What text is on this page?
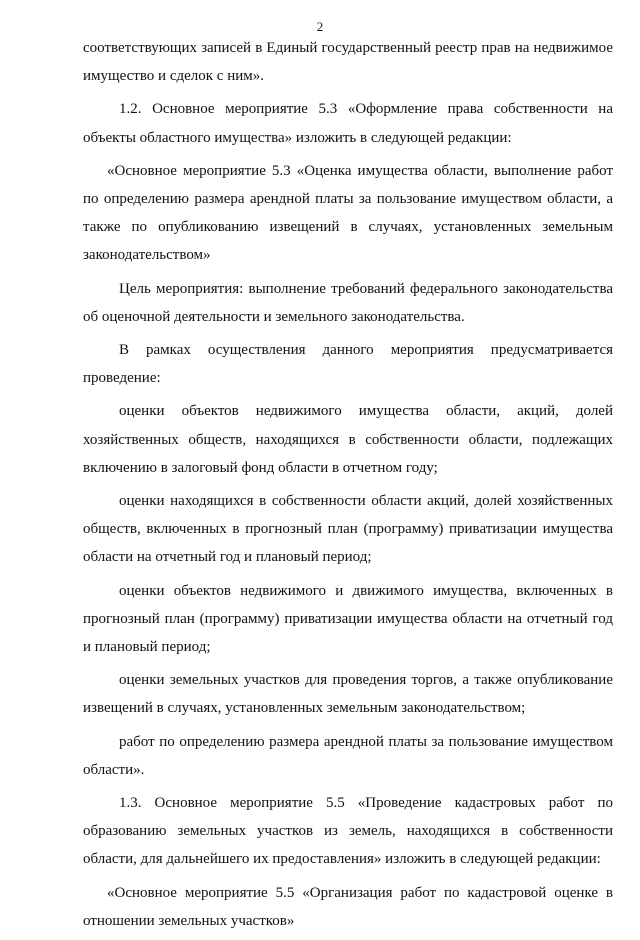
2

соответствующих записей в Единый государственный реестр прав на недвижимое имущество и сделок с ним».

1.2. Основное мероприятие 5.3 «Оформление права собственности на объекты областного имущества» изложить в следующей редакции:

«Основное мероприятие 5.3 «Оценка имущества области, выполнение работ по определению размера арендной платы за пользование имуществом области, а также по опубликованию извещений в случаях, установленных земельным законодательством»

Цель мероприятия: выполнение требований федерального законодательства об оценочной деятельности и земельного законодательства.

В рамках осуществления данного мероприятия предусматривается проведение:

оценки объектов недвижимого имущества области, акций, долей хозяйственных обществ, находящихся в собственности области, подлежащих включению в залоговый фонд области в отчетном году;

оценки находящихся в собственности области акций, долей хозяйственных обществ, включенных в прогнозный план (программу) приватизации имущества области на отчетный год и плановый период;

оценки объектов недвижимого и движимого имущества, включенных в прогнозный план (программу) приватизации имущества области на отчетный год и плановый период;

оценки земельных участков для проведения торгов, а также опубликование извещений в случаях, установленных земельным законодательством;

работ по определению размера арендной платы за пользование имуществом области».

1.3. Основное мероприятие 5.5 «Проведение кадастровых работ по образованию земельных участков из земель, находящихся в собственности области, для дальнейшего их предоставления» изложить в следующей редакции:

«Основное мероприятие 5.5 «Организация работ по кадастровой оценке в отношении земельных участков»
